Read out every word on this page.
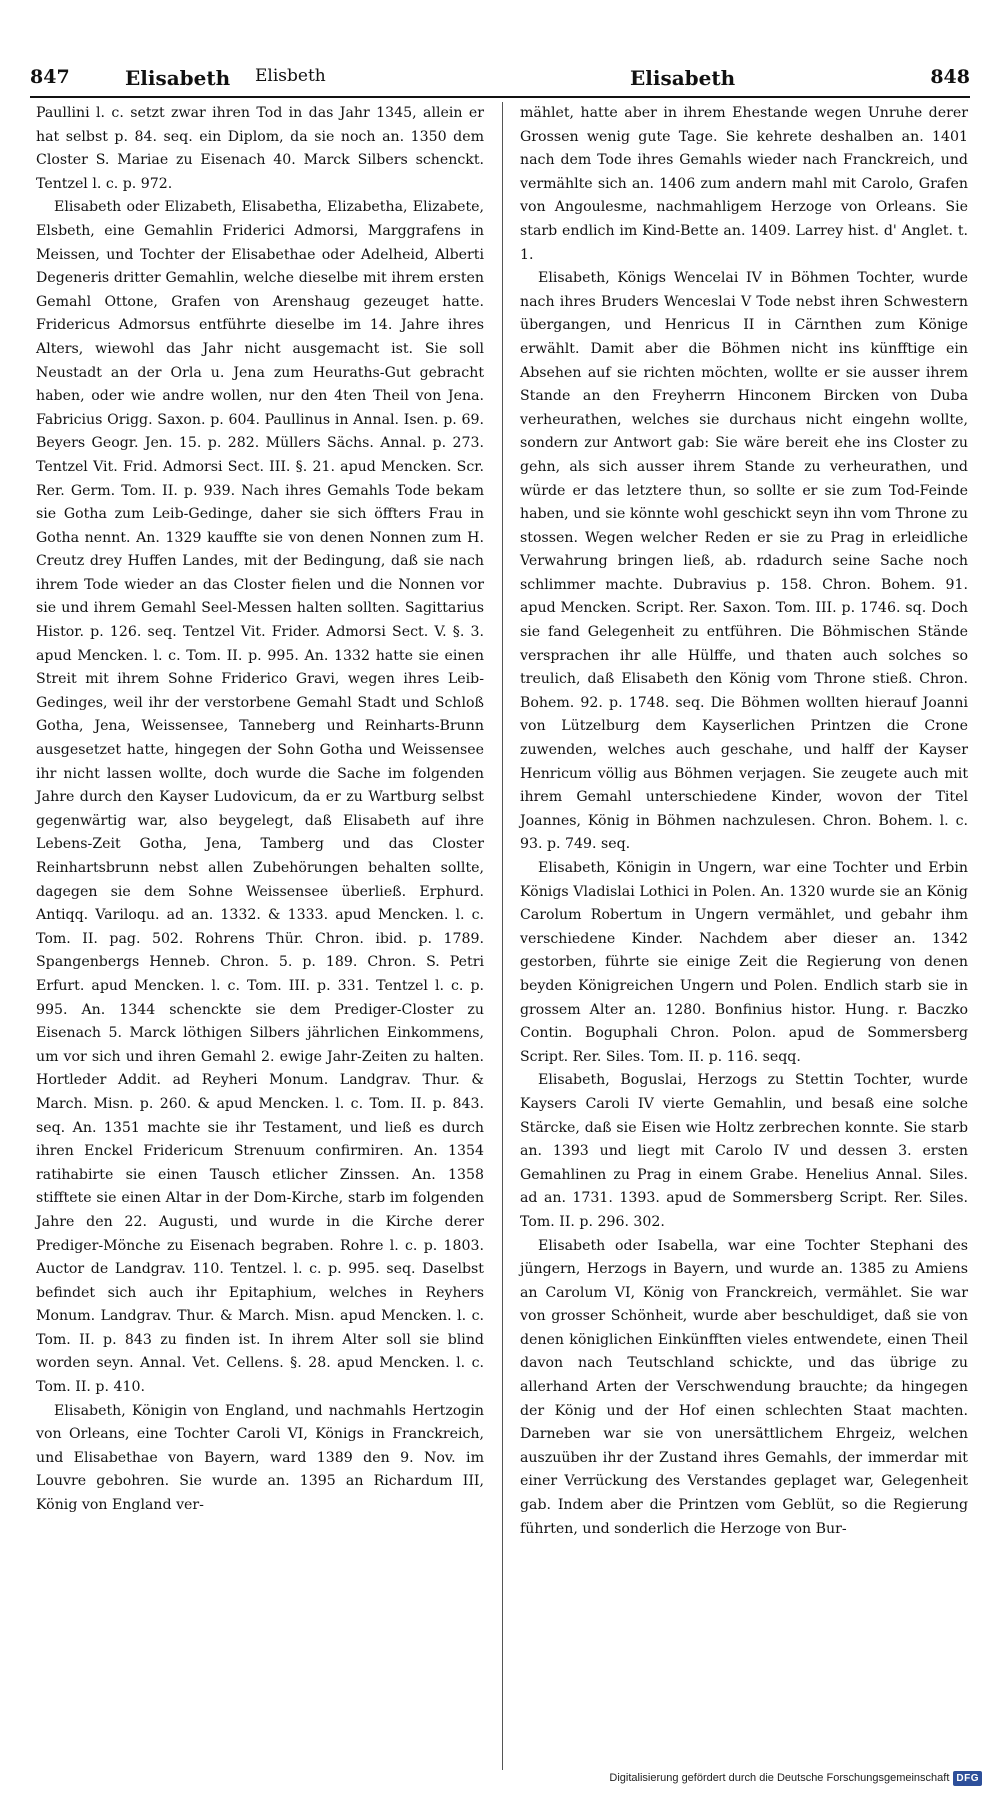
847	Elisabeth Elisbeth	Elisabeth	848

Paullini l. c. setzt zwar ihren Tod in das Jahr 1345, allein er hat selbst p. 84. seq. ein Diplom, da sie noch an. 1350 dem Closter S. Mariae zu Eisenach 40. Marck Silbers schenckt. Tentzel l. c. p. 972.

Elisabeth oder Elizabeth, Elisabetha, Elizabetha, Elizabete, Elsbeth, eine Gemahlin Friderici Admorsi, Marggrafens in Meissen, und Tochter der Elisabethae oder Adelheid, Alberti Degeneris dritter Gemahlin, welche dieselbe mit ihrem ersten Gemahl Ottone, Grafen von Arenshaug gezeuget hatte. Fridericus Admorsus entführte dieselbe im 14. Jahre ihres Alters, wiewohl das Jahr nicht ausgemacht ist. Sie soll Neustadt an der Orla u. Jena zum Heuraths-Gut gebracht haben, oder wie andre wollen, nur den 4ten Theil von Jena. Fabricius Origg. Saxon. p. 604. Paullinus in Annal. Isen. p. 69. Beyers Geogr. Jen. 15. p. 282. Müllers Sächs. Annal. p. 273. Tentzel Vit. Frid. Admorsi Sect. III. §. 21. apud Mencken. Scr. Rer. Germ. Tom. II. p. 939. Nach ihres Gemahls Tode bekam sie Gotha zum Leib-Gedinge, daher sie sich öffters Frau in Gotha nennt. An. 1329 kauffte sie von denen Nonnen zum H. Creutz drey Huffen Landes, mit der Bedingung, daß sie nach ihrem Tode wieder an das Closter fielen und die Nonnen vor sie und ihrem Gemahl Seel-Messen halten sollten. Sagittarius Histor. p. 126. seq. Tentzel Vit. Frider. Admorsi Sect. V. §. 3. apud Mencken. l. c. Tom. II. p. 995. An. 1332 hatte sie einen Streit mit ihrem Sohne Friderico Gravi, wegen ihres Leib-Gedinges, weil ihr der verstorbene Gemahl Stadt und Schloß Gotha, Jena, Weissensee, Tanneberg und Reinharts-Brunn ausgesetzet hatte, hingegen der Sohn Gotha und Weissensee ihr nicht lassen wollte, doch wurde die Sache im folgenden Jahre durch den Kayser Ludovicum, da er zu Wartburg selbst gegenwärtig war, also beygelegt, daß Elisabeth auf ihre Lebens-Zeit Gotha, Jena, Tamberg und das Closter Reinhartsbrunn nebst allen Zubehörungen behalten sollte, dagegen sie dem Sohne Weissensee überließ. Erphurd. Antiqq. Variloqu. ad an. 1332. & 1333. apud Mencken. l. c. Tom. II. pag. 502. Rohrens Thür. Chron. ibid. p. 1789. Spangenbergs Henneb. Chron. 5. p. 189. Chron. S. Petri Erfurt. apud Mencken. l. c. Tom. III. p. 331. Tentzel l. c. p. 995. An. 1344 schenckte sie dem Prediger-Closter zu Eisenach 5. Marck löthigen Silbers jährlichen Einkommens, um vor sich und ihren Gemahl 2. ewige Jahr-Zeiten zu halten. Hortleder Addit. ad Reyheri Monum. Landgrav. Thur. & March. Misn. p. 260. & apud Mencken. l. c. Tom. II. p. 843. seq. An. 1351 machte sie ihr Testament, und ließ es durch ihren Enckel Fridericum Strenuum confirmiren. An. 1354 ratihabirte sie einen Tausch etlicher Zinssen. An. 1358 stifftete sie einen Altar in der Dom-Kirche, starb im folgenden Jahre den 22. Augusti, und wurde in die Kirche derer Prediger-Mönche zu Eisenach begraben. Rohre l. c. p. 1803. Auctor de Landgrav. 110. Tentzel. l. c. p. 995. seq. Daselbst befindet sich auch ihr Epitaphium, welches in Reyhers Monum. Landgrav. Thur. & March. Misn. apud Mencken. l. c. Tom. II. p. 843 zu finden ist. In ihrem Alter soll sie blind worden seyn. Annal. Vet. Cellens. §. 28. apud Mencken. l. c. Tom. II. p. 410.

Elisabeth, Königin von England, und nachmahls Hertzogin von Orleans, eine Tochter Caroli VI, Königs in Franckreich, und Elisabethae von Bayern, ward 1389 den 9. Nov. im Louvre gebohren. Sie wurde an. 1395 an Richardum III, König von England ver-

mählet, hatte aber in ihrem Ehestande wegen Unruhe derer Grossen wenig gute Tage. Sie kehrete deshalben an. 1401 nach dem Tode ihres Gemahls wieder nach Franckreich, und vermählte sich an. 1406 zum andern mahl mit Carolo, Grafen von Angoulesme, nachmahligem Herzoge von Orleans. Sie starb endlich im Kind-Bette an. 1409. Larrey hist. d' Anglet. t. 1.

Elisabeth, Königs Wencelai IV in Böhmen Tochter, wurde nach ihres Bruders Wenceslai V Tode nebst ihren Schwestern übergangen, und Henricus II in Cärnthen zum Könige erwählt. Damit aber die Böhmen nicht ins künfftige ein Absehen auf sie richten möchten, wollte er sie ausser ihrem Stande an den Freyherrn Hinconem Bircken von Duba verheurathen, welches sie durchaus nicht eingehn wollte, sondern zur Antwort gab: Sie wäre bereit ehe ins Closter zu gehn, als sich ausser ihrem Stande zu verheurathen, und würde er das letztere thun, so sollte er sie zum Tod-Feinde haben, und sie könnte wohl geschickt seyn ihn vom Throne zu stossen. Wegen welcher Reden er sie zu Prag in erleidliche Verwahrung bringen ließ, ab. rdadurch seine Sache noch schlimmer machte. Dubravius p. 158. Chron. Bohem. 91. apud Mencken. Script. Rer. Saxon. Tom. III. p. 1746. sq. Doch sie fand Gelegenheit zu entführen. Die Böhmischen Stände versprachen ihr alle Hülffe, und thaten auch solches so treulich, daß Elisabeth den König vom Throne stieß. Chron. Bohem. 92. p. 1748. seq. Die Böhmen wollten hierauf Joanni von Lützelburg dem Kayserlichen Printzen die Crone zuwenden, welches auch geschahe, und halff der Kayser Henricum völlig aus Böhmen verjagen. Sie zeugete auch mit ihrem Gemahl unterschiedene Kinder, wovon der Titel Joannes, König in Böhmen nachzulesen. Chron. Bohem. l. c. 93. p. 749. seq.

Elisabeth, Königin in Ungern, war eine Tochter und Erbin Königs Vladislai Lothici in Polen. An. 1320 wurde sie an König Carolum Robertum in Ungern vermählet, und gebahr ihm verschiedene Kinder. Nachdem aber dieser an. 1342 gestorben, führte sie einige Zeit die Regierung von denen beyden Königreichen Ungern und Polen. Endlich starb sie in grossem Alter an. 1280. Bonfinius histor. Hung. r. Baczko Contin. Boguphali Chron. Polon. apud de Sommersberg Script. Rer. Siles. Tom. II. p. 116. seqq.

Elisabeth, Boguslai, Herzogs zu Stettin Tochter, wurde Kaysers Caroli IV vierte Gemahlin, und besaß eine solche Stärcke, daß sie Eisen wie Holtz zerbrechen konnte. Sie starb an. 1393 und liegt mit Carolo IV und dessen 3. ersten Gemahlinen zu Prag in einem Grabe. Henelius Annal. Siles. ad an. 1731. 1393. apud de Sommersberg Script. Rer. Siles. Tom. II. p. 296. 302.

Elisabeth oder Isabella, war eine Tochter Stephani des jüngern, Herzogs in Bayern, und wurde an. 1385 zu Amiens an Carolum VI, König von Franckreich, vermählet. Sie war von grosser Schönheit, wurde aber beschuldiget, daß sie von denen königlichen Einkünfften vieles entwendete, einen Theil davon nach Teutschland schickte, und das übrige zu allerhand Arten der Verschwendung brauchte; da hingegen der König und der Hof einen schlechten Staat machten. Darneben war sie von unersättlichem Ehrgeiz, welchen auszuüben ihr der Zustand ihres Gemahls, der immerdar mit einer Verrückung des Verstandes geplaget war, Gelegenheit gab. Indem aber die Printzen vom Geblüt, so die Regierung führten, und sonderlich die Herzoge von Bur-

Digitalisierung gefördert durch die Deutsche Forschungsgemeinschaft DFG
